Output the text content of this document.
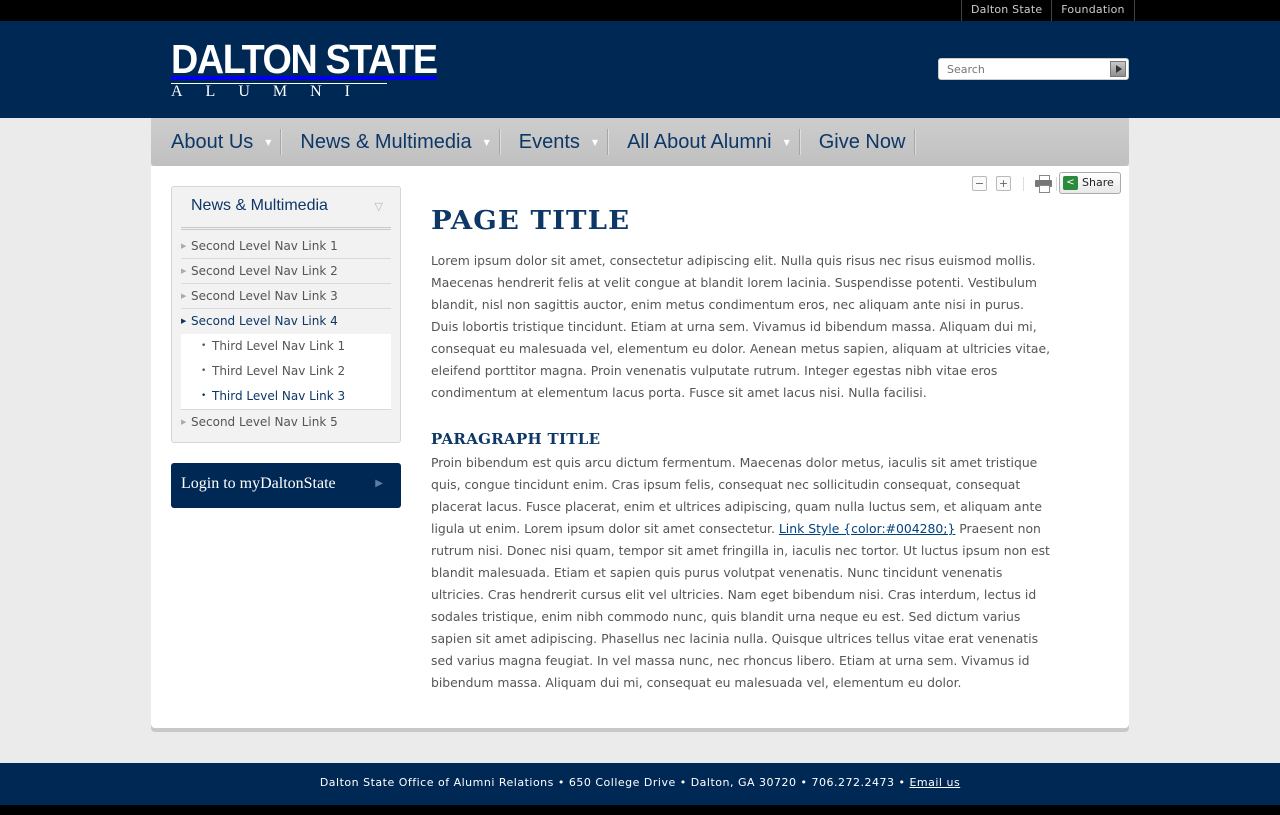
Dalton State	Foundation
DALTON STATE
ALUMNI
Search
About Us ▼ News & Multimedia ▼ Events ▼ All About Alumni ▼ Give Now
News & Multimedia	▽
▶ Second Level Nav Link 1
▶ Second Level Nav Link 2
▶ Second Level Nav Link 3
▶ Second Level Nav Link 4
• Third Level Nav Link 1
• Third Level Nav Link 2
• Third Level Nav Link 3
▶ Second Level Nav Link 5
Login to myDaltonState	▶
− +	< Share
PAGE TITLE

Lorem ipsum dolor sit amet, consectetur adipiscing elit. Nulla quis risus nec risus euismod mollis. Maecenas hendrerit felis at velit congue at blandit lorem lacinia. Suspendisse potenti. Vestibulum blandit, nisl non sagittis auctor, enim metus condimentum eros, nec aliquam ante nisi in purus. Duis lobortis tristique tincidunt. Etiam at urna sem. Vivamus id bibendum massa. Aliquam dui mi, consequat eu malesuada vel, elementum eu dolor. Aenean metus sapien, aliquam at ultricies vitae, eleifend porttitor magna. Proin venenatis vulputate rutrum. Integer egestas nibh vitae eros condimentum at elementum lacus porta. Fusce sit amet lacus nisi. Nulla facilisi.

PARAGRAPH TITLE

Proin bibendum est quis arcu dictum fermentum. Maecenas dolor metus, iaculis sit amet tristique quis, congue tincidunt enim. Cras ipsum felis, consequat nec sollicitudin consequat, consequat placerat lacus. Fusce placerat, enim et ultrices adipiscing, quam nulla luctus sem, et aliquam ante ligula ut enim. Lorem ipsum dolor sit amet consectetur. Link Style {color:#004280;} Praesent non rutrum nisi. Donec nisi quam, tempor sit amet fringilla in, iaculis nec tortor. Ut luctus ipsum non est blandit malesuada. Etiam et sapien quis purus volutpat venenatis. Nunc tincidunt venenatis ultricies. Cras hendrerit cursus elit vel ultricies. Nam eget bibendum nisi. Cras interdum, lectus id sodales tristique, enim nibh commodo nunc, quis blandit urna neque eu est. Sed dictum varius sapien sit amet adipiscing. Phasellus nec lacinia nulla. Quisque ultrices tellus vitae erat venenatis sed varius magna feugiat. In vel massa nunc, nec rhoncus libero. Etiam at urna sem. Vivamus id bibendum massa. Aliquam dui mi, consequat eu malesuada vel, elementum eu dolor.

Dalton State Office of Alumni Relations • 650 College Drive • Dalton, GA 30720 • 706.272.2473 • Email us
